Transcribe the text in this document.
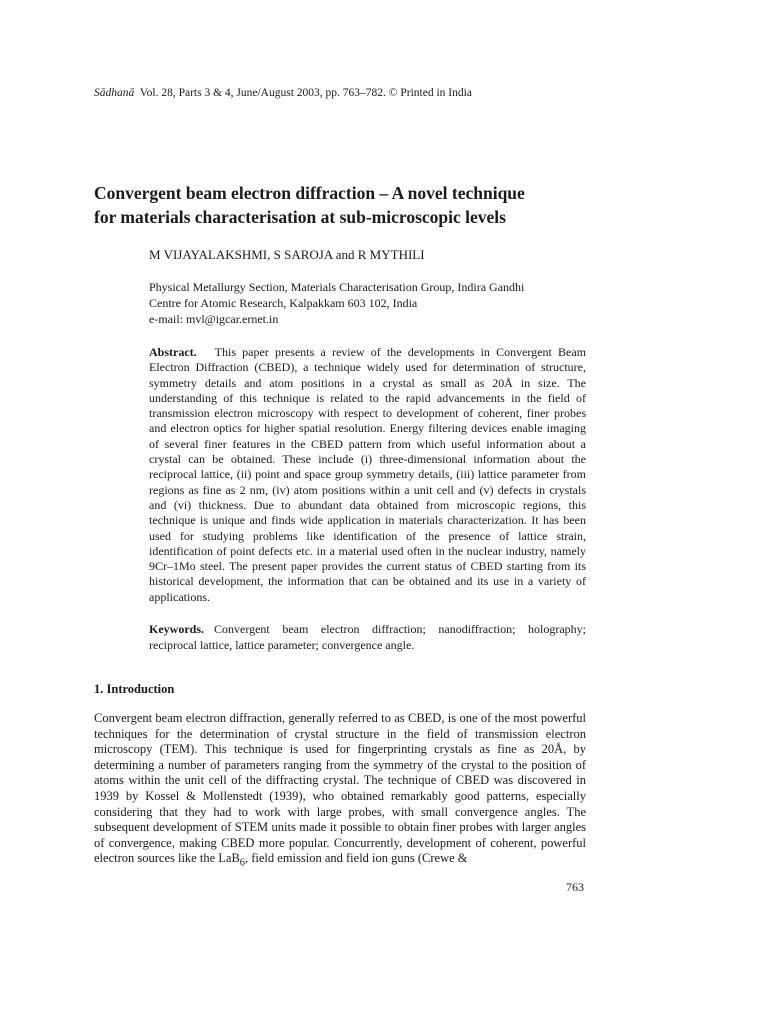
Sādhanā Vol. 28, Parts 3 & 4, June/August 2003, pp. 763–782. © Printed in India
Convergent beam electron diffraction – A novel technique
for materials characterisation at sub-microscopic levels
M VIJAYALAKSHMI, S SAROJA and R MYTHILI
Physical Metallurgy Section, Materials Characterisation Group, Indira Gandhi
Centre for Atomic Research, Kalpakkam 603 102, India
e-mail: mvl@igcar.ernet.in
Abstract. This paper presents a review of the developments in Convergent Beam Electron Diffraction (CBED), a technique widely used for determination of structure, symmetry details and atom positions in a crystal as small as 20Å in size. The understanding of this technique is related to the rapid advancements in the field of transmission electron microscopy with respect to development of coherent, finer probes and electron optics for higher spatial resolution. Energy filtering devices enable imaging of several finer features in the CBED pattern from which useful information about a crystal can be obtained. These include (i) three-dimensional information about the reciprocal lattice, (ii) point and space group symmetry details, (iii) lattice parameter from regions as fine as 2 nm, (iv) atom positions within a unit cell and (v) defects in crystals and (vi) thickness. Due to abundant data obtained from microscopic regions, this technique is unique and finds wide application in materials characterization. It has been used for studying problems like identification of the presence of lattice strain, identification of point defects etc. in a material used often in the nuclear industry, namely 9Cr–1Mo steel. The present paper provides the current status of CBED starting from its historical development, the information that can be obtained and its use in a variety of applications.
Keywords. Convergent beam electron diffraction; nanodiffraction; holography; reciprocal lattice, lattice parameter; convergence angle.
1. Introduction
Convergent beam electron diffraction, generally referred to as CBED, is one of the most powerful techniques for the determination of crystal structure in the field of transmission electron microscopy (TEM). This technique is used for fingerprinting crystals as fine as 20Å, by determining a number of parameters ranging from the symmetry of the crystal to the position of atoms within the unit cell of the diffracting crystal. The technique of CBED was discovered in 1939 by Kossel & Mollenstedt (1939), who obtained remarkably good patterns, especially considering that they had to work with large probes, with small convergence angles. The subsequent development of STEM units made it possible to obtain finer probes with larger angles of convergence, making CBED more popular. Concurrently, development of coherent, powerful electron sources like the LaB$_6$, field emission and field ion guns (Crewe &
763
